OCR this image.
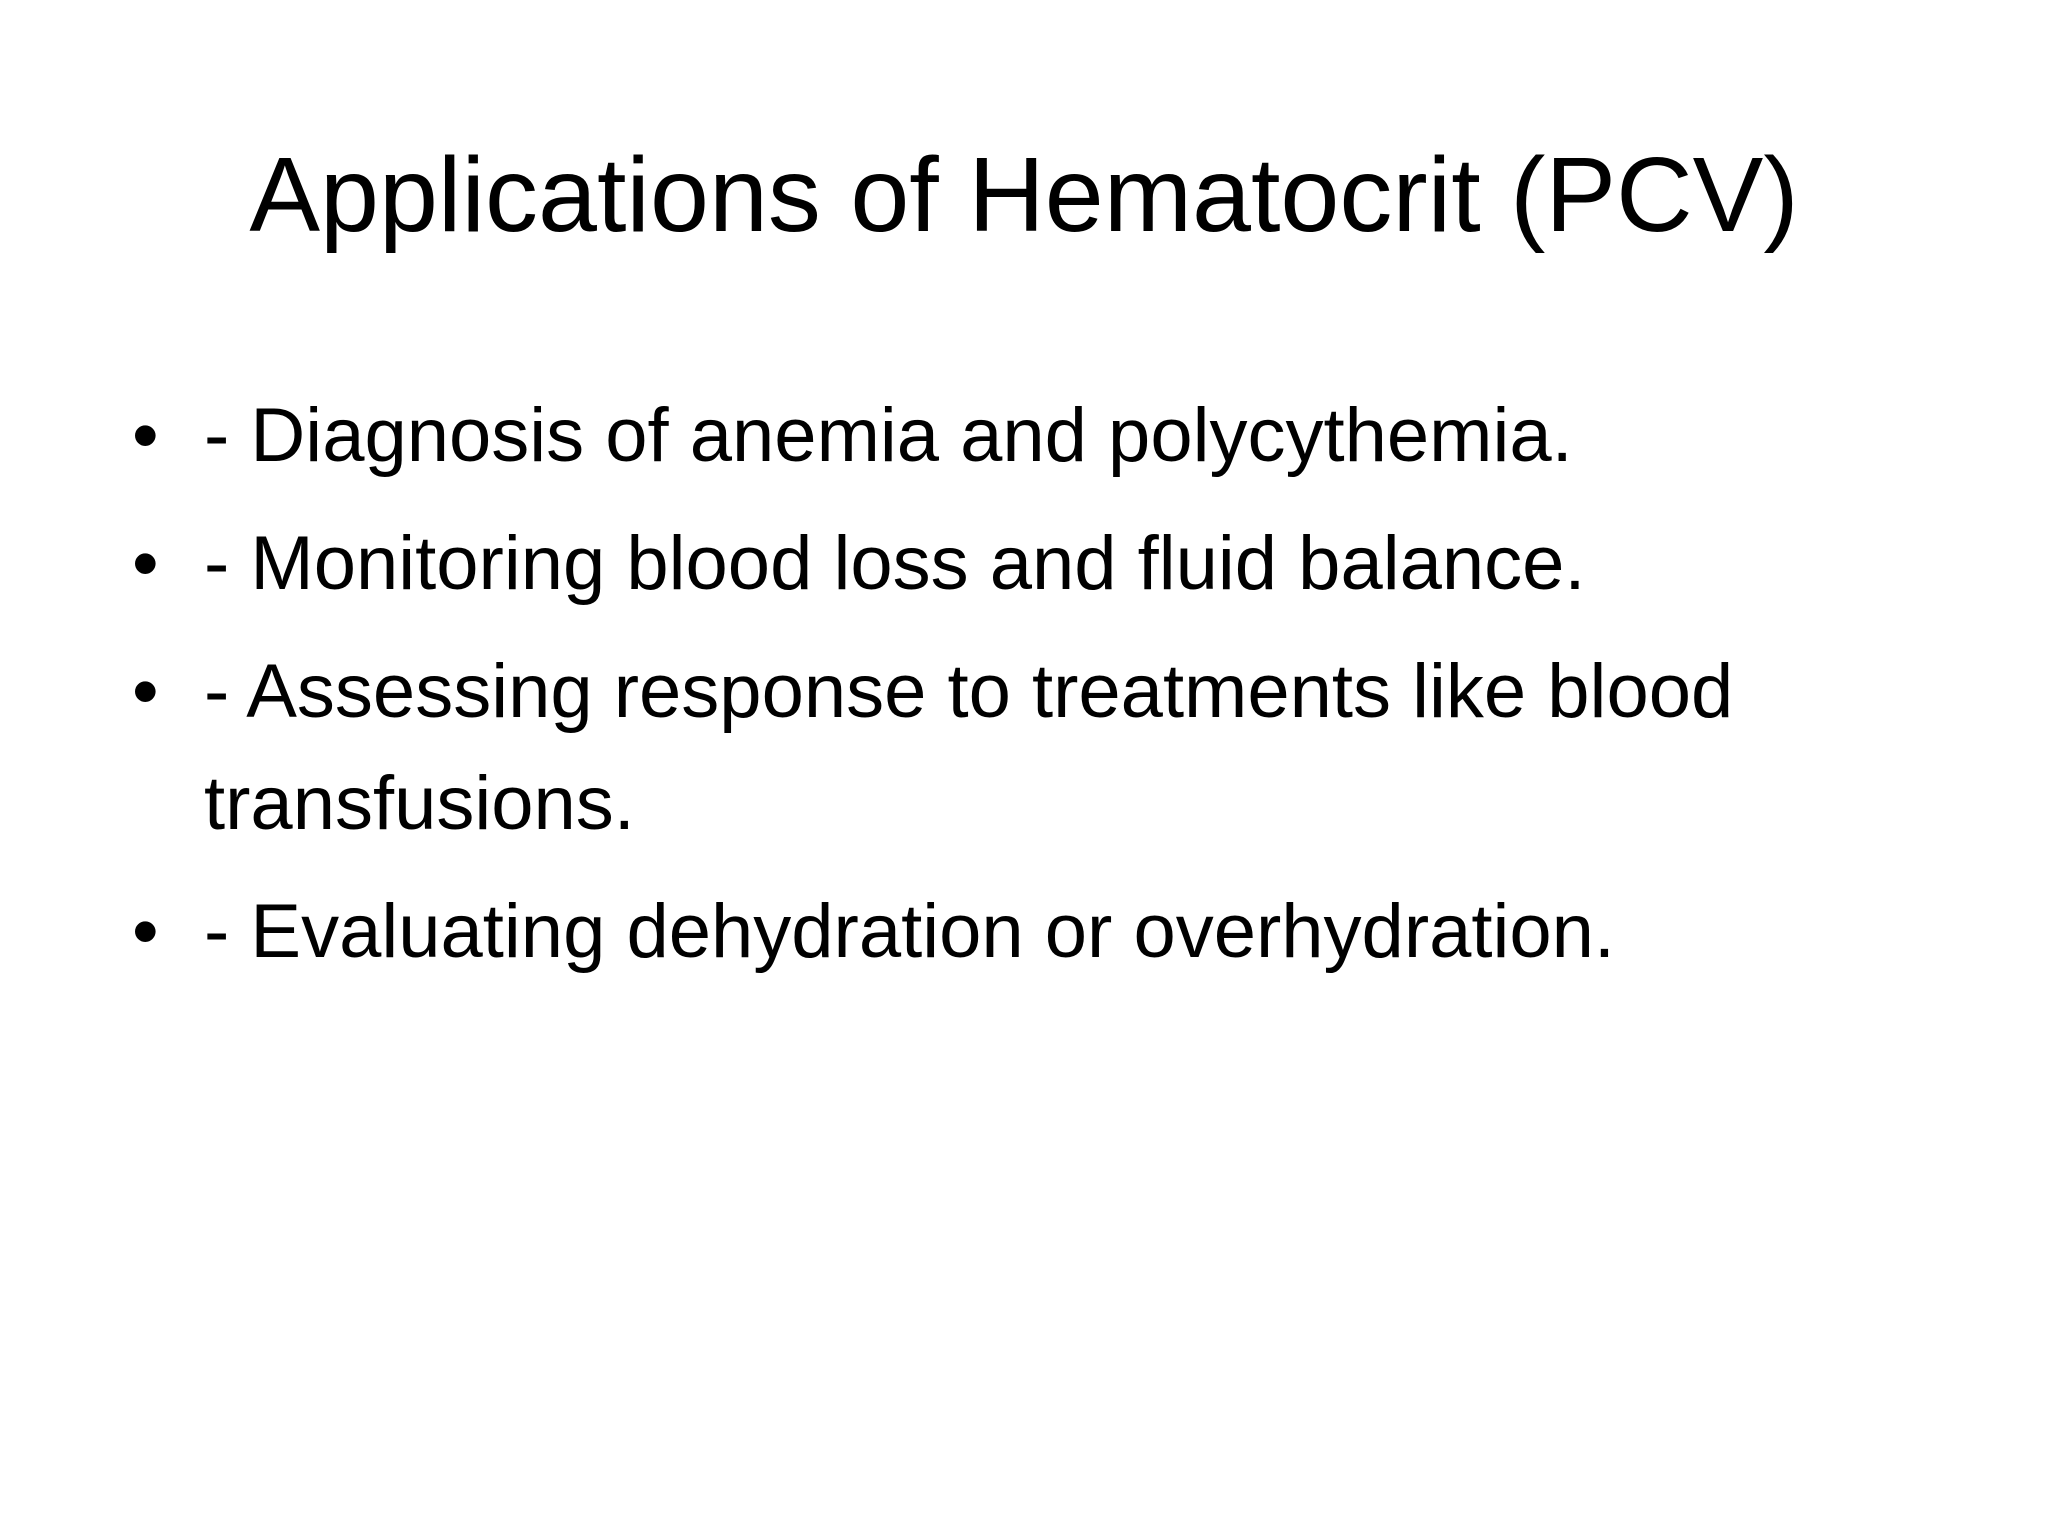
Applications of Hematocrit (PCV)
• - Diagnosis of anemia and polycythemia.
• - Monitoring blood loss and fluid balance.
• - Assessing response to treatments like blood transfusions.
• - Evaluating dehydration or overhydration.
